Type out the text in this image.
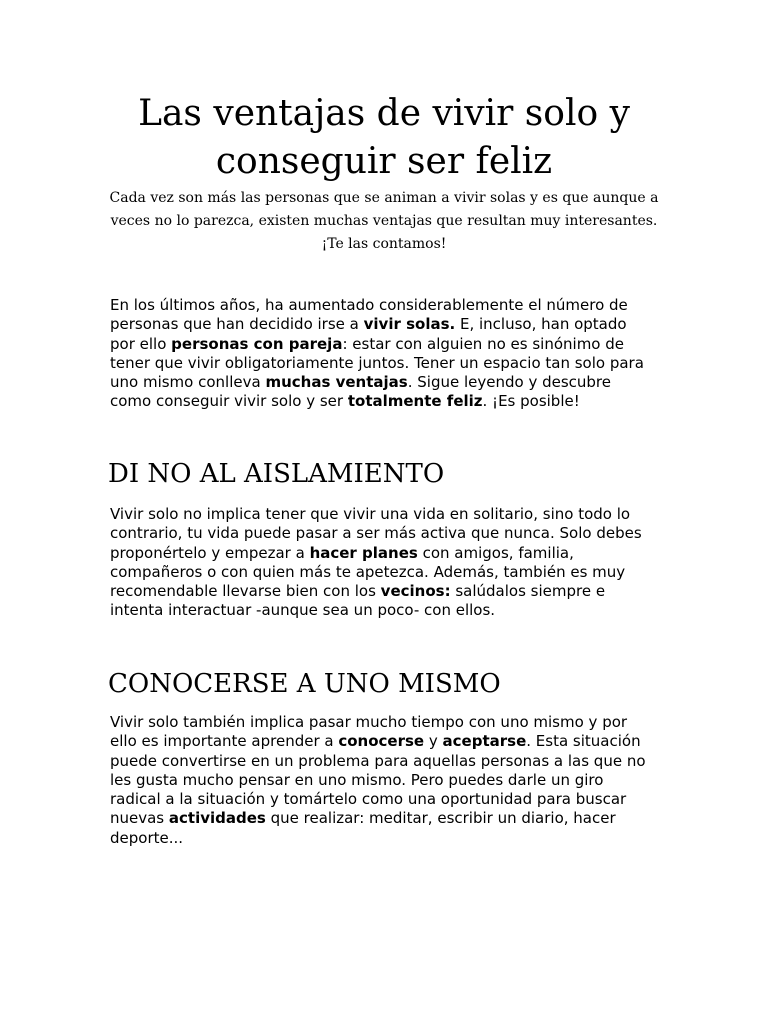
Las ventajas de vivir solo y
conseguir ser feliz

Cada vez son más las personas que se animan a vivir solas y es que aunque a
veces no lo parezca, existen muchas ventajas que resultan muy interesantes.
¡Te las contamos!

En los últimos años, ha aumentado considerablemente el número de personas que han decidido irse a vivir solas. E, incluso, han optado por ello personas con pareja: estar con alguien no es sinónimo de tener que vivir obligatoriamente juntos. Tener un espacio tan solo para uno mismo conlleva muchas ventajas. Sigue leyendo y descubre como conseguir vivir solo y ser totalmente feliz. ¡Es posible!

DI NO AL AISLAMIENTO

Vivir solo no implica tener que vivir una vida en solitario, sino todo lo contrario, tu vida puede pasar a ser más activa que nunca. Solo debes proponértelo y empezar a hacer planes con amigos, familia, compañeros o con quien más te apetezca. Además, también es muy recomendable llevarse bien con los vecinos: salúdalos siempre e intenta interactuar -aunque sea un poco- con ellos.

CONOCERSE A UNO MISMO

Vivir solo también implica pasar mucho tiempo con uno mismo y por ello es importante aprender a conocerse y aceptarse. Esta situación puede convertirse en un problema para aquellas personas a las que no les gusta mucho pensar en uno mismo. Pero puedes darle un giro radical a la situación y tomártelo como una oportunidad para buscar nuevas actividades que realizar: meditar, escribir un diario, hacer deporte...
